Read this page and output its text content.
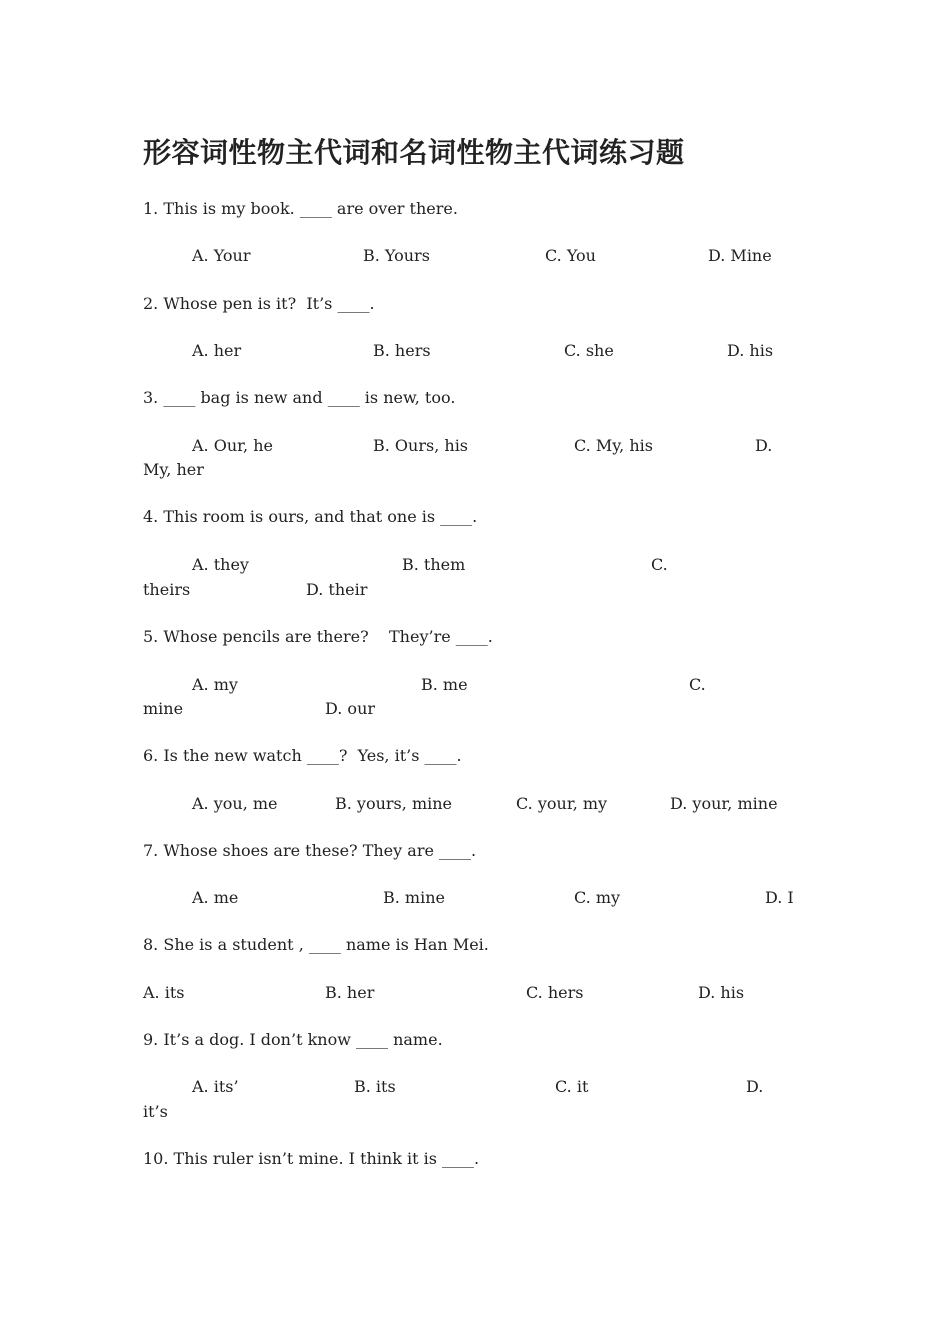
形容词性物主代词和名词性物主代词练习题
1. This is my book. ____ are over there.
A. Your	B. Yours	C. You	D. Mine
2. Whose pen is it?  It’s ____.
A. her	B. hers	C. she	D. his
3. ____ bag is new and ____ is new, too.
A. Our, he	B. Ours, his	C. My, his	D.
My, her
4. This room is ours, and that one is ____.
A. they	B. them	C.
theirs	D. their
5. Whose pencils are there?    They’re ____.
A. my	B. me	C.
mine	D. our
6. Is the new watch ____?  Yes, it’s ____.
A. you, me	B. yours, mine	C. your, my	D. your, mine
7. Whose shoes are these? They are ____.
A. me	B. mine	C. my	D. I
8. She is a student , ____ name is Han Mei.
A. its	B. her	C. hers	D. his
9. It’s a dog. I don’t know ____ name.
A. its’	B. its	C. it	D.
it’s
10. This ruler isn’t mine. I think it is ____.
